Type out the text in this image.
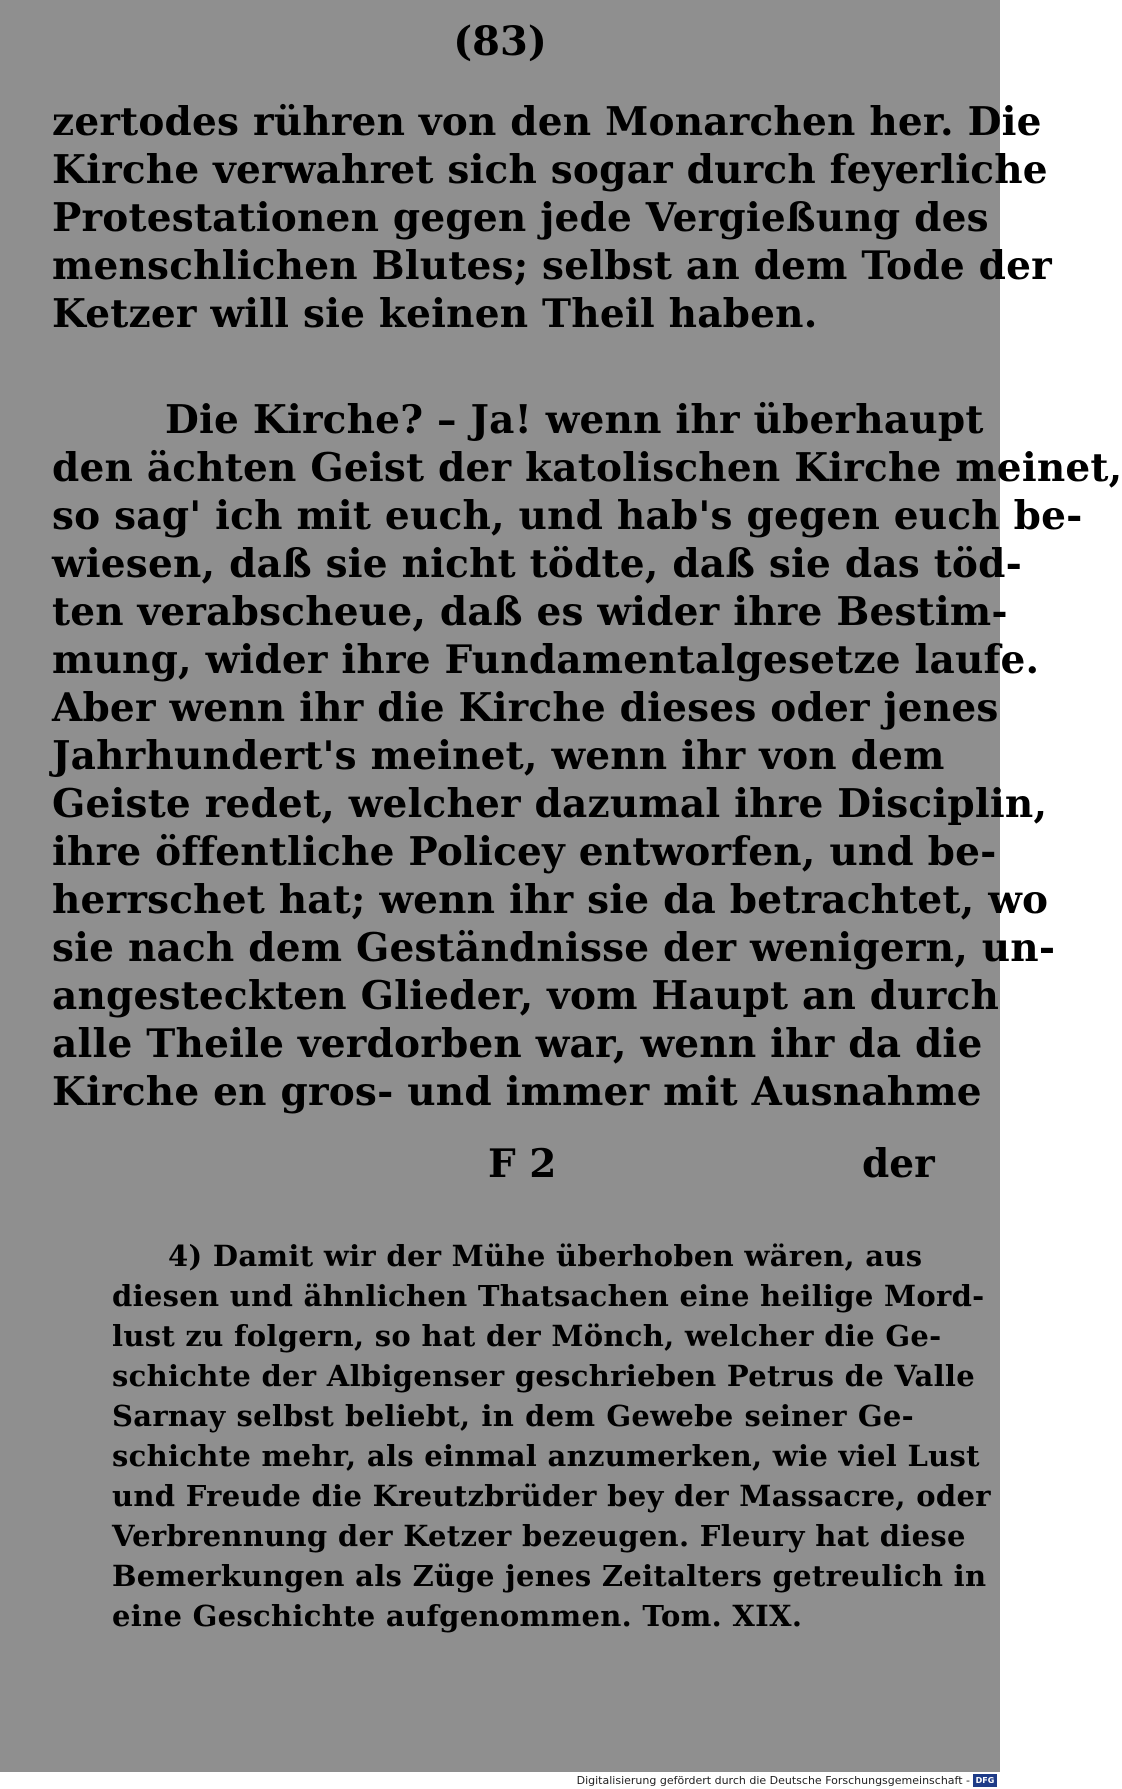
(83)
zertodes rühren von den Monarchen her. Die
Kirche verwahret sich sogar durch feyerliche
Protestationen gegen jede Vergießung des
menschlichen Blutes; selbst an dem Tode der
Ketzer will sie keinen Theil haben.
Die Kirche? – Ja! wenn ihr überhaupt
den ächten Geist der katolischen Kirche meinet,
so sag' ich mit euch, und hab's gegen euch be-
wiesen, daß sie nicht tödte, daß sie das töd-
ten verabscheue, daß es wider ihre Bestim-
mung, wider ihre Fundamentalgesetze laufe.
Aber wenn ihr die Kirche dieses oder jenes
Jahrhundert's meinet, wenn ihr von dem
Geiste redet, welcher dazumal ihre Disciplin,
ihre öffentliche Policey entworfen, und be-
herrschet hat; wenn ihr sie da betrachtet, wo
sie nach dem Geständnisse der wenigern, un-
angesteckten Glieder, vom Haupt an durch
alle Theile verdorben war, wenn ihr da die
Kirche en gros- und immer mit Ausnahme
F 2	der
4) Damit wir der Mühe überhoben wären, aus
diesen und ähnlichen Thatsachen eine heilige Mord-
lust zu folgern, so hat der Mönch, welcher die Ge-
schichte der Albigenser geschrieben Petrus de Valle
Sarnay selbst beliebt, in dem Gewebe seiner Ge-
schichte mehr, als einmal anzumerken, wie viel Lust
und Freude die Kreutzbrüder bey der Massacre, oder
Verbrennung der Ketzer bezeugen. Fleury hat diese
Bemerkungen als Züge jenes Zeitalters getreulich in
eine Geschichte aufgenommen. Tom. XIX.
Digitalisierung gefördert durch die Deutsche Forschungsgemeinschaft - DFG
